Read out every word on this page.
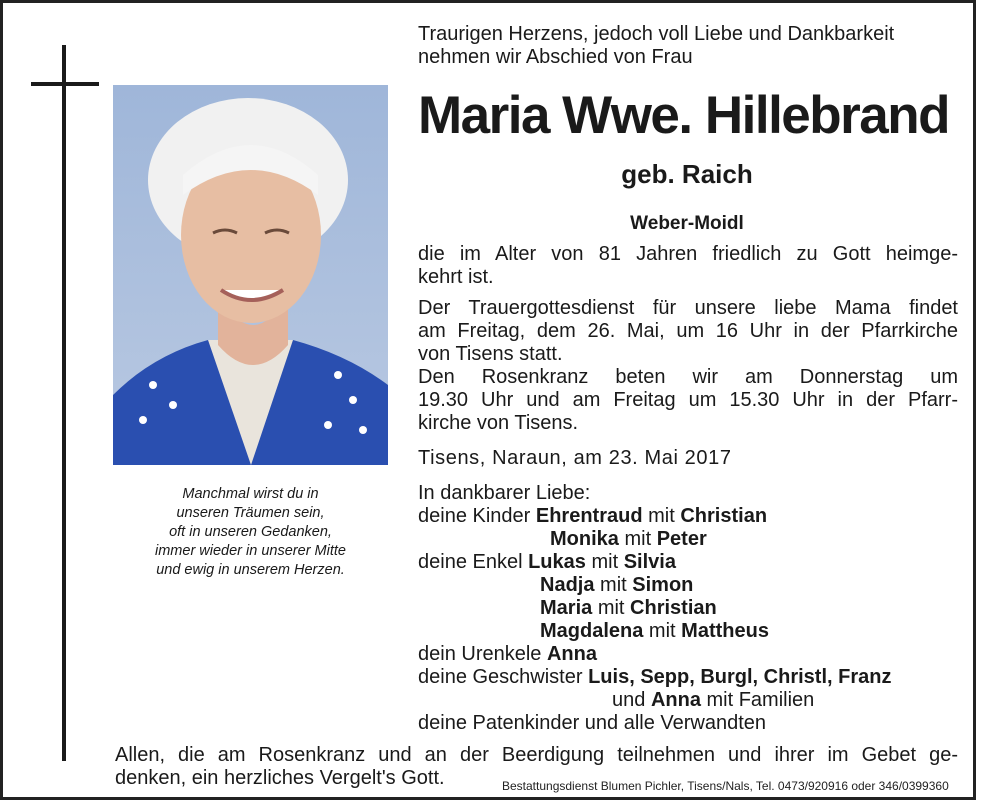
Manchmal wirst du in
unseren Träumen sein,
oft in unseren Gedanken,
immer wieder in unserer Mitte
und ewig in unserem Herzen.
Traurigen Herzens, jedoch voll Liebe und Dankbarkeit
nehmen wir Abschied von Frau
Maria Wwe. Hillebrand
geb. Raich
Weber-Moidl
die im Alter von 81 Jahren friedlich zu Gott heimge-
kehrt ist.
Der Trauergottesdienst für unsere liebe Mama findet
am Freitag, dem 26. Mai, um 16 Uhr in der Pfarrkirche
von Tisens statt.
Den Rosenkranz beten wir am Donnerstag um
19.30 Uhr und am Freitag um 15.30 Uhr in der Pfarr-
kirche von Tisens.
Tisens, Naraun, am 23. Mai 2017
In dankbarer Liebe:
deine Kinder Ehrentraud mit Christian
Monika mit Peter
deine Enkel Lukas mit Silvia
Nadja mit Simon
Maria mit Christian
Magdalena mit Mattheus
dein Urenkele Anna
deine Geschwister Luis, Sepp, Burgl, Christl, Franz
und Anna mit Familien
deine Patenkinder und alle Verwandten
Allen, die am Rosenkranz und an der Beerdigung teilnehmen und ihrer im Gebet ge-
denken, ein herzliches Vergelt's Gott.	Bestattungsdienst Blumen Pichler, Tisens/Nals, Tel. 0473/920916 oder 346/0399360
